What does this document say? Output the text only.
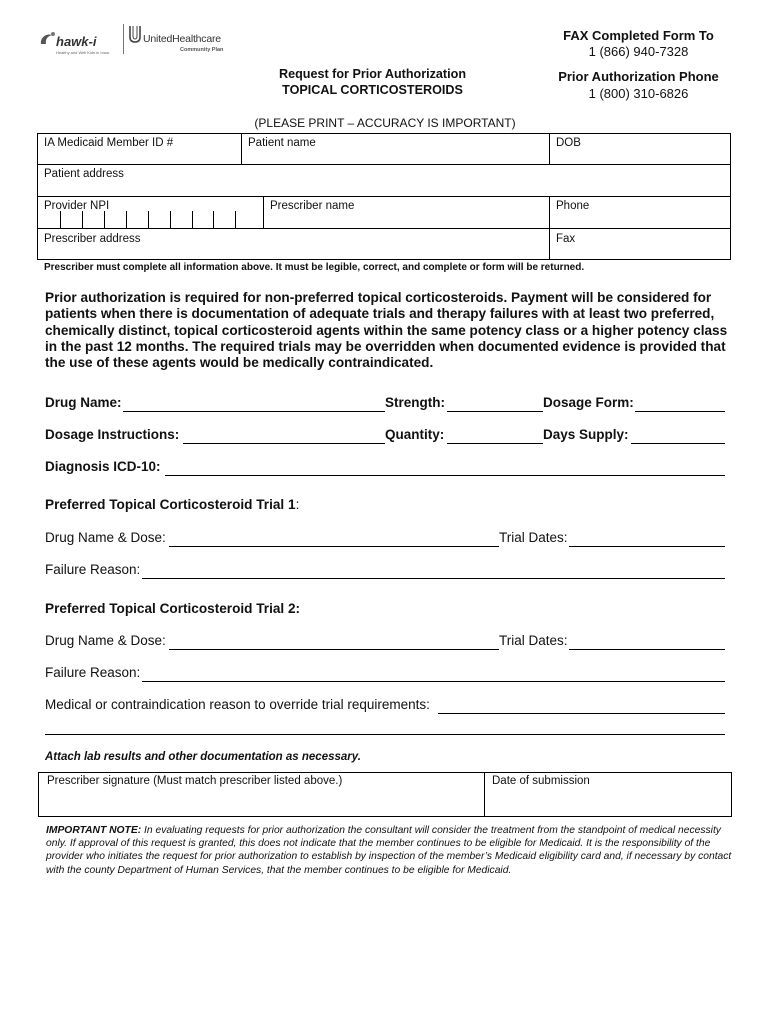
hawk-i
Healthy and Well Kids in Iowa
UnitedHealthcare
Community Plan
Request for Prior Authorization
TOPICAL CORTICOSTEROIDS
FAX Completed Form To
1 (866) 940-7328
Prior Authorization Phone
1 (800) 310-6826
(PLEASE PRINT – ACCURACY IS IMPORTANT)
IA Medicaid Member ID #	Patient name	DOB
Patient address
Provider NPI	Prescriber name	Phone
Prescriber address	Fax
Prescriber must complete all information above. It must be legible, correct, and complete or form will be returned.
Prior authorization is required for non-preferred topical corticosteroids. Payment will be considered for patients when there is documentation of adequate trials and therapy failures with at least two preferred, chemically distinct, topical corticosteroid agents within the same potency class or a higher potency class in the past 12 months. The required trials may be overridden when documented evidence is provided that the use of these agents would be medically contraindicated.
Drug Name:	Strength:	Dosage Form:
Dosage Instructions:	Quantity:	Days Supply:
Diagnosis ICD-10:
Preferred Topical Corticosteroid Trial 1:
Drug Name & Dose:	Trial Dates:
Failure Reason:
Preferred Topical Corticosteroid Trial 2:
Drug Name & Dose:	Trial Dates:
Failure Reason:
Medical or contraindication reason to override trial requirements:
Attach lab results and other documentation as necessary.
Prescriber signature (Must match prescriber listed above.)	Date of submission
IMPORTANT NOTE: In evaluating requests for prior authorization the consultant will consider the treatment from the standpoint of medical necessity only. If approval of this request is granted, this does not indicate that the member continues to be eligible for Medicaid. It is the responsibility of the provider who initiates the request for prior authorization to establish by inspection of the member’s Medicaid eligibility card and, if necessary by contact with the county Department of Human Services, that the member continues to be eligible for Medicaid.
